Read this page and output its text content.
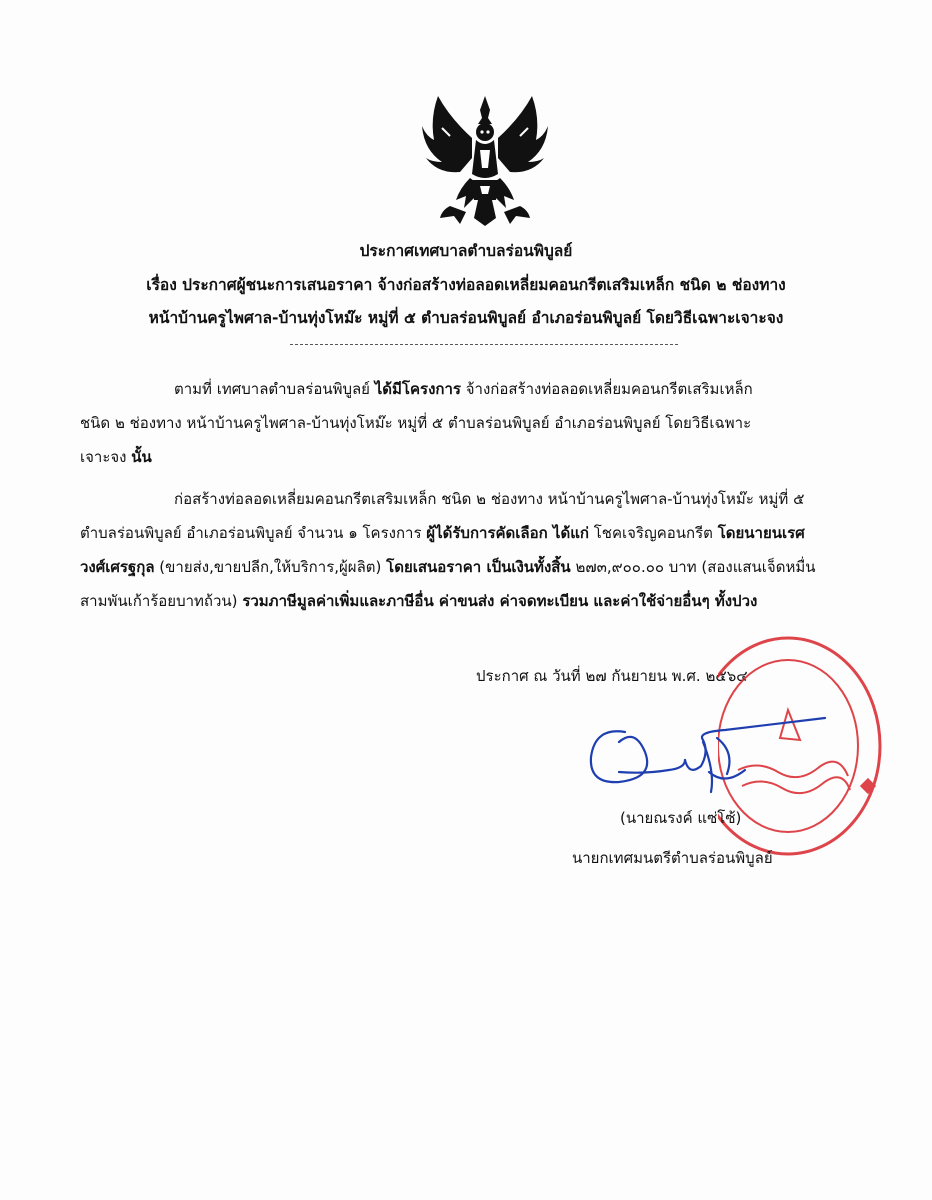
ประกาศเทศบาลตำบลร่อนพิบูลย์
เรื่อง ประกาศผู้ชนะการเสนอราคา จ้างก่อสร้างท่อลอดเหลี่ยมคอนกรีตเสริมเหล็ก ชนิด ๒ ช่องทาง
หน้าบ้านครูไพศาล-บ้านทุ่งโหม๊ะ หมู่ที่ ๕ ตำบลร่อนพิบูลย์ อำเภอร่อนพิบูลย์ โดยวิธีเฉพาะเจาะจง
ตามที่ เทศบาลตำบลร่อนพิบูลย์ ได้มีโครงการ จ้างก่อสร้างท่อลอดเหลี่ยมคอนกรีตเสริมเหล็ก
ชนิด ๒ ช่องทาง หน้าบ้านครูไพศาล-บ้านทุ่งโหม๊ะ หมู่ที่ ๕ ตำบลร่อนพิบูลย์ อำเภอร่อนพิบูลย์ โดยวิธีเฉพาะ
เจาะจง นั้น
ก่อสร้างท่อลอดเหลี่ยมคอนกรีตเสริมเหล็ก ชนิด ๒ ช่องทาง หน้าบ้านครูไพศาล-บ้านทุ่งโหม๊ะ หมู่ที่ ๕
ตำบลร่อนพิบูลย์ อำเภอร่อนพิบูลย์ จำนวน ๑ โครงการ ผู้ได้รับการคัดเลือก ได้แก่ โชคเจริญคอนกรีต โดยนายนเรศ
วงศ์เศรฐกุล (ขายส่ง,ขายปลีก,ให้บริการ,ผู้ผลิต) โดยเสนอราคา เป็นเงินทั้งสิ้น ๒๗๓,๙๐๐.๐๐ บาท (สองแสนเจ็ดหมื่น
สามพันเก้าร้อยบาทถ้วน) รวมภาษีมูลค่าเพิ่มและภาษีอื่น ค่าขนส่ง ค่าจดทะเบียน และค่าใช้จ่ายอื่นๆ ทั้งปวง
ประกาศ ณ วันที่ ๒๗ กันยายน พ.ศ. ๒๕๖๔
(นายณรงค์ แซ่โซ้)
นายกเทศมนตรีตำบลร่อนพิบูลย์
